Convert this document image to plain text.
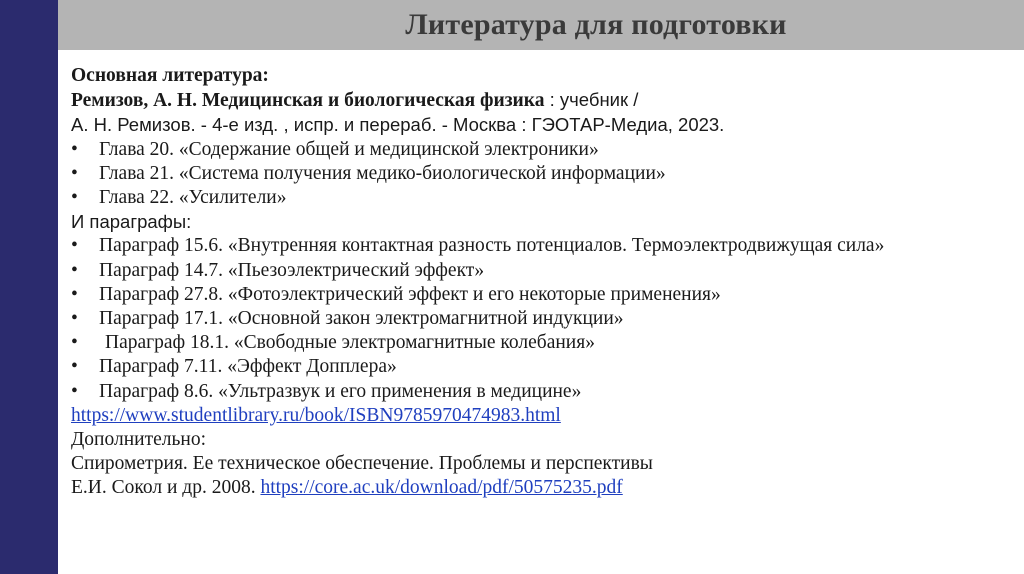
Литература для подготовки
Основная литература:
Ремизов, А. Н. Медицинская и биологическая физика : учебник /
А. Н. Ремизов. - 4-е изд. , испр. и перераб. - Москва : ГЭОТАР-Медиа, 2023.
•	Глава 20. «Содержание общей и медицинской электроники»
•	Глава 21. «Система получения медико-биологической информации»
•	Глава 22. «Усилители»
И параграфы:
•	Параграф 15.6. «Внутренняя контактная разность потенциалов. Термоэлектродвижущая сила»
•	Параграф 14.7. «Пьезоэлектрический эффект»
•	Параграф 27.8. «Фотоэлектрический эффект и его некоторые применения»
•	Параграф 17.1. «Основной закон электромагнитной индукции»
•	Параграф 18.1. «Свободные электромагнитные колебания»
•	Параграф 7.11. «Эффект Допплера»
•	Параграф 8.6. «Ультразвук и его применения в медицине»
https://www.studentlibrary.ru/book/ISBN9785970474983.html
Дополнительно:
Спирометрия. Ее техническое обеспечение. Проблемы и перспективы
Е.И. Сокол и др. 2008. https://core.ac.uk/download/pdf/50575235.pdf
